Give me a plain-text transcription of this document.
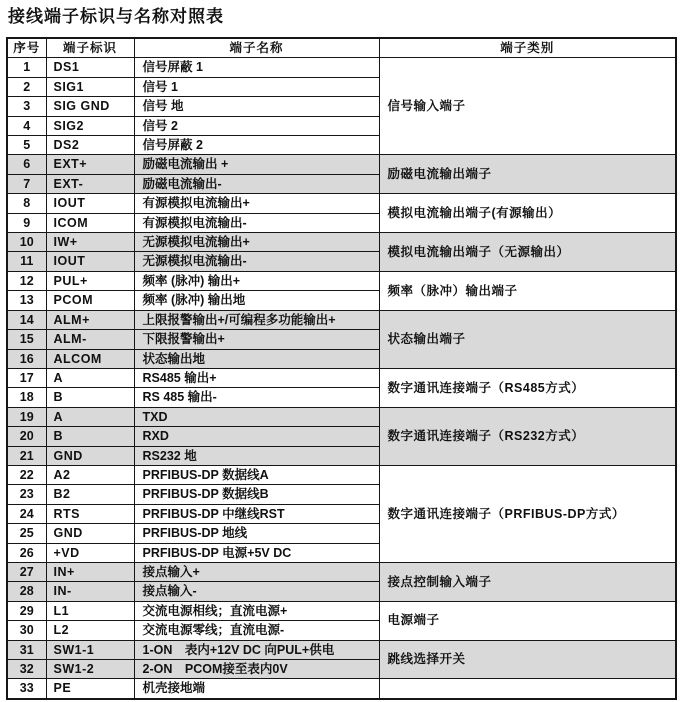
接线端子标识与名称对照表
序号	端子标识	端子名称	端子类别
1	DS1	信号屏蔽 1	信号输入端子
2	SIG1	信号 1	
3	SIG GND	信号 地	
4	SIG2	信号 2	
5	DS2	信号屏蔽 2	
6	EXT+	励磁电流输出 +	励磁电流输出端子
7	EXT-	励磁电流输出-	
8	IOUT	有源模拟电流输出+	模拟电流输出端子(有源输出）
9	ICOM	有源模拟电流输出-	
10	IW+	无源模拟电流输出+	模拟电流输出端子（无源输出）
11	IOUT	无源模拟电流输出-	
12	PUL+	频率 (脉冲) 输出+	频率（脉冲）输出端子
13	PCOM	频率 (脉冲) 输出地	
14	ALM+	上限报警输出+/可编程多功能输出+	状态输出端子
15	ALM-	下限报警输出+	
16	ALCOM	状态输出地	
17	A	RS485 输出+	数字通讯连接端子（RS485方式）
18	B	RS 485 输出-	
19	A	TXD	数字通讯连接端子（RS232方式）
20	B	RXD	
21	GND	RS232 地	
22	A2	PRFIBUS-DP 数据线A	数字通讯连接端子（PRFIBUS-DP方式）
23	B2	PRFIBUS-DP 数据线B	
24	RTS	PRFIBUS-DP 中继线RST	
25	GND	PRFIBUS-DP 地线	
26	+VD	PRFIBUS-DP 电源+5V DC	
27	IN+	接点输入+	接点控制输入端子
28	IN-	接点输入-	
29	L1	交流电源相线；直流电源+	电源端子
30	L2	交流电源零线；直流电源-	
31	SW1-1	1-ON　表内+12V DC 向PUL+供电	跳线选择开关
32	SW1-2	2-ON　PCOM接至表内0V	
33	PE	机壳接地端	
